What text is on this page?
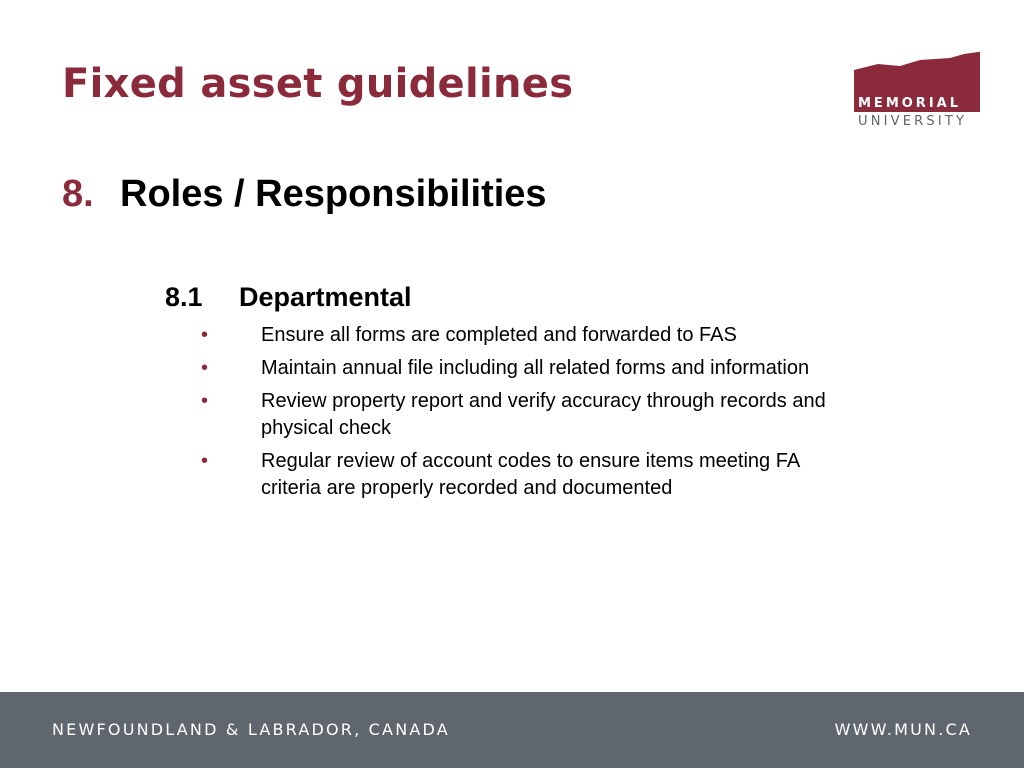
Fixed asset guidelines	MEMORIAL
UNIVERSITY
8. Roles / Responsibilities
8.1 Departmental
•	Ensure all forms are completed and forwarded to FAS
•	Maintain annual file including all related forms and information
•	Review property report and verify accuracy through records and physical check
•	Regular review of account codes to ensure items meeting FA criteria are properly recorded and documented
NEWFOUNDLAND & LABRADOR, CANADA	WWW.MUN.CA
